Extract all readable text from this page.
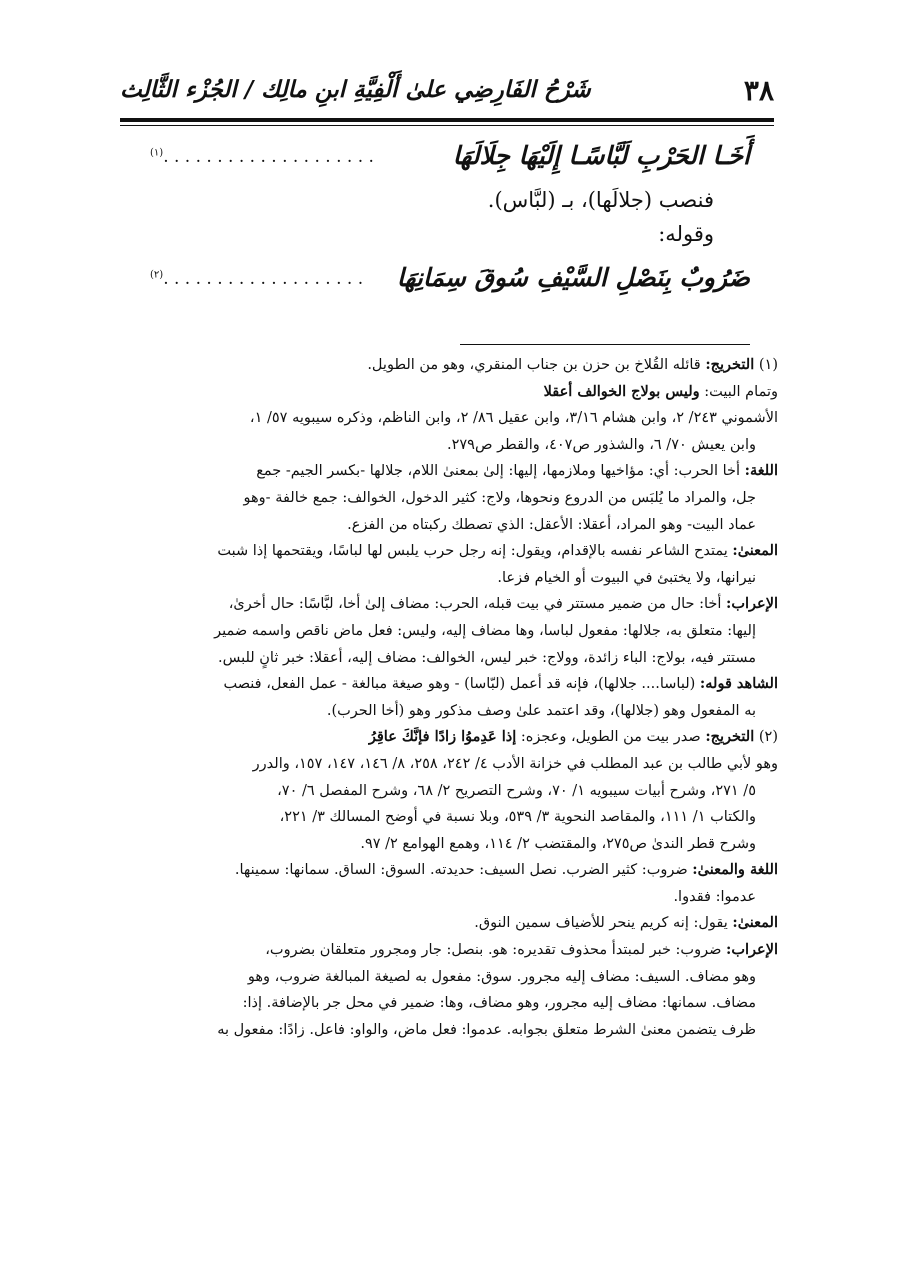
٣٨
شَرْحُ الفَارِضِي علىٰ أَلْفِيَّةِ ابنِ مالِك / الجُزْء الثَّالِث
أَخَـا الحَرْبِ لَبَّاسًـا إِلَيْهَا جِلَالَهَا
. . . . . . . . . . . . . . . . . . . .$^{(١)}$

فنصب (جلالَها)، بـ (لبَّاس).

وقوله:

ضَرُوبٌ بِنَصْلِ السَّيْفِ سُوقَ سِمَانِهَا
. . . . . . . . . . . . . . . . . . .$^{(٢)}$

(١) التخريج: قائله القُلاخ بن حزن بن جناب المنقري، وهو من الطويل.

وتمام البيت: وليس بولاج الخوالف أعقلا

الأشموني ٢٤٣/ ٢، وابن هشام ٣/١٦، وابن عقيل ٨٦/ ٢، وابن الناظم، وذكره سيبويه ٥٧/ ١،

وابن يعيش ٧٠/ ٦، والشذور ص٤٠٧، والقطر ص٢٧٩.

اللغة: أخا الحرب: أي: مؤاخيها وملازمها، إليها: إلىٰ بمعنىٰ اللام، جلالها -بكسر الجيم- جمع

جل، والمراد ما يُلبَس من الدروع ونحوها، ولاج: كثير الدخول، الخوالف: جمع خالفة -وهو

عماد البيت- وهو المراد، أعقلا: الأعقل: الذي تصطك ركبتاه من الفزع.

المعنىٰ: يمتدح الشاعر نفسه بالإقدام، ويقول: إنه رجل حرب يلبس لها لباسًا، ويقتحمها إذا شبت

نيرانها، ولا يختبئ في البيوت أو الخيام فزعا.

الإعراب: أخا: حال من ضمير مستتر في بيت قبله، الحرب: مضاف إلىٰ أخا، لبَّاسًا: حال أخرىٰ،

إليها: متعلق به، جلالها: مفعول لباسا، وها مضاف إليه، وليس: فعل ماض ناقص واسمه ضمير

مستتر فيه، بولاج: الباء زائدة، وولاج: خبر ليس، الخوالف: مضاف إليه، أعقلا: خبر ثانٍ للبس.

الشاهد قوله: (لباسا.... جلالها)، فإنه قد أعمل (لبّاسا) - وهو صيغة مبالغة - عمل الفعل، فنصب

به المفعول وهو (جلالها)، وقد اعتمد علىٰ وصف مذكور وهو (أخا الحرب).

(٢) التخريج: صدر بيت من الطويل، وعجزه: إذا عَدِموُا زادًا فإنَّكَ عاقِرُ

وهو لأبي طالب بن عبد المطلب في خزانة الأدب ٤/ ٢٤٢، ٢٥٨، ٨/ ١٤٦، ١٤٧، ١٥٧، والدرر

٥/ ٢٧١، وشرح أبيات سيبويه ١/ ٧٠، وشرح التصريح ٢/ ٦٨، وشرح المفصل ٦/ ٧٠،

والكتاب ١/ ١١١، والمقاصد النحوية ٣/ ٥٣٩، وبلا نسبة في أوضح المسالك ٣/ ٢٢١،

وشرح قطر الندىٰ ص٢٧٥، والمقتضب ٢/ ١١٤، وهمع الهوامع ٢/ ٩٧.

اللغة والمعنىٰ: ضروب: كثير الضرب. نصل السيف: حديدته. السوق: الساق. سمانها: سمينها.

عدموا: فقدوا.

المعنىٰ: يقول: إنه كريم ينحر للأضياف سمين النوق.

الإعراب: ضروب: خبر لمبتدأ محذوف تقديره: هو. بنصل: جار ومجرور متعلقان بضروب،

وهو مضاف. السيف: مضاف إليه مجرور. سوق: مفعول به لصيغة المبالغة ضروب، وهو

مضاف. سمانها: مضاف إليه مجرور، وهو مضاف، وها: ضمير في محل جر بالإضافة. إذا:

ظرف يتضمن معنىٰ الشرط متعلق بجوابه. عدموا: فعل ماض، والواو: فاعل. زادًا: مفعول به
